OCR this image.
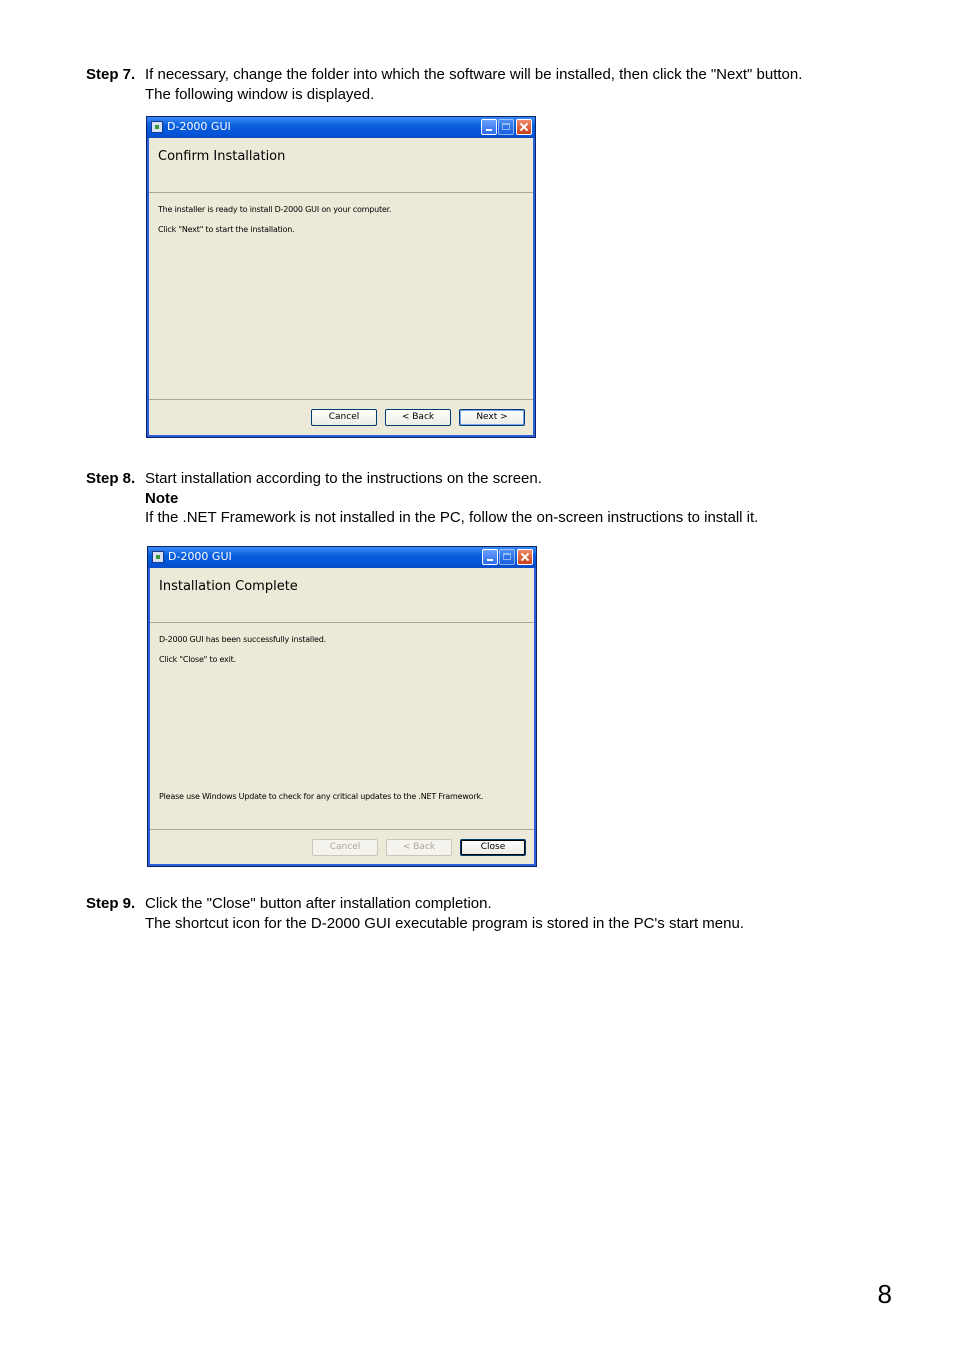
Step 7. If necessary, change the folder into which the software will be installed, then click the "Next" button.
The following window is displayed.
D-2000 GUI
Confirm Installation
The installer is ready to install D-2000 GUI on your computer.
Click "Next" to start the installation.
Cancel	< Back	Next >
Step 8. Start installation according to the instructions on the screen.
Note
If the .NET Framework is not installed in the PC, follow the on-screen instructions to install it.
D-2000 GUI
Installation Complete
D-2000 GUI has been successfully installed.
Click "Close" to exit.
Please use Windows Update to check for any critical updates to the .NET Framework.
Cancel	< Back	Close
Step 9. Click the "Close" button after installation completion.
The shortcut icon for the D-2000 GUI executable program is stored in the PC's start menu.
8
